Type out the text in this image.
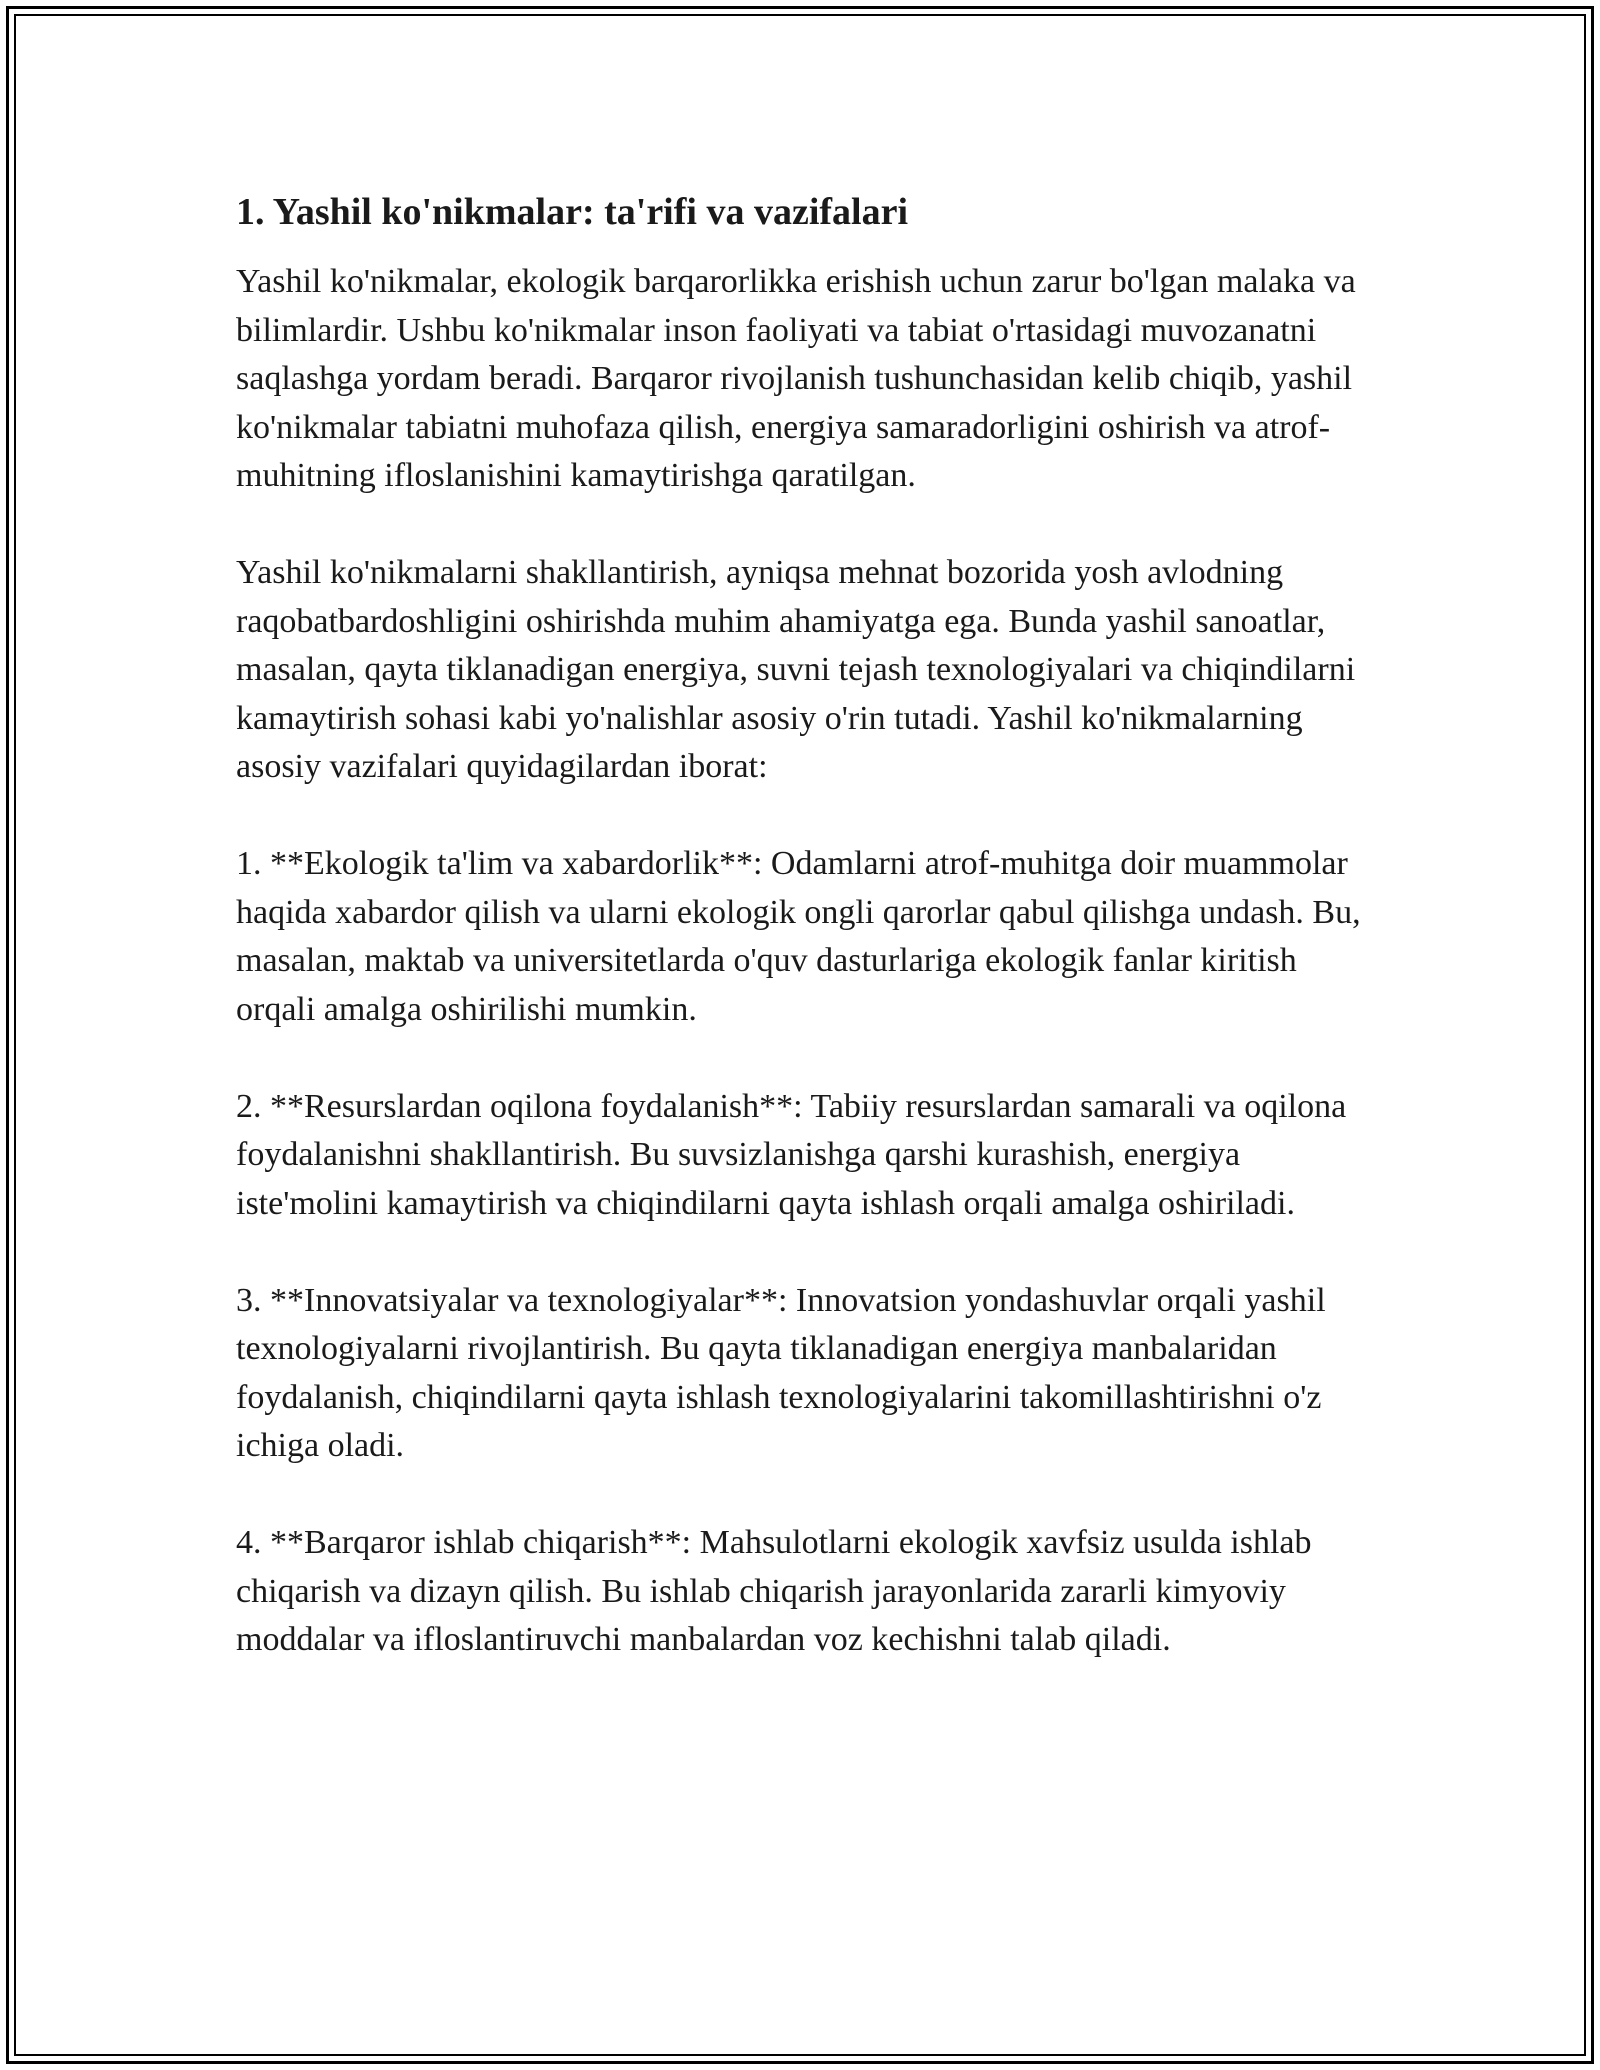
1. Yashil ko'nikmalar: ta'rifi va vazifalari

Yashil ko'nikmalar, ekologik barqarorlikka erishish uchun zarur bo'lgan malaka va bilimlardir. Ushbu ko'nikmalar inson faoliyati va tabiat o'rtasidagi muvozanatni saqlashga yordam beradi. Barqaror rivojlanish tushunchasidan kelib chiqib, yashil ko'nikmalar tabiatni muhofaza qilish, energiya samaradorligini oshirish va atrof-muhitning ifloslanishini kamaytirishga qaratilgan.

Yashil ko'nikmalarni shakllantirish, ayniqsa mehnat bozorida yosh avlodning raqobatbardoshligini oshirishda muhim ahamiyatga ega. Bunda yashil sanoatlar, masalan, qayta tiklanadigan energiya, suvni tejash texnologiyalari va chiqindilarni kamaytirish sohasi kabi yo'nalishlar asosiy o'rin tutadi. Yashil ko'nikmalarning asosiy vazifalari quyidagilardan iborat:

1. **Ekologik ta'lim va xabardorlik**: Odamlarni atrof-muhitga doir muammolar haqida xabardor qilish va ularni ekologik ongli qarorlar qabul qilishga undash. Bu, masalan, maktab va universitetlarda o'quv dasturlariga ekologik fanlar kiritish orqali amalga oshirilishi mumkin.

2. **Resurslardan oqilona foydalanish**: Tabiiy resurslardan samarali va oqilona foydalanishni shakllantirish. Bu suvsizlanishga qarshi kurashish, energiya iste'molini kamaytirish va chiqindilarni qayta ishlash orqali amalga oshiriladi.

3. **Innovatsiyalar va texnologiyalar**: Innovatsion yondashuvlar orqali yashil texnologiyalarni rivojlantirish. Bu qayta tiklanadigan energiya manbalaridan foydalanish, chiqindilarni qayta ishlash texnologiyalarini takomillashtirishni o'z ichiga oladi.

4. **Barqaror ishlab chiqarish**: Mahsulotlarni ekologik xavfsiz usulda ishlab chiqarish va dizayn qilish. Bu ishlab chiqarish jarayonlarida zararli kimyoviy moddalar va ifloslantiruvchi manbalardan voz kechishni talab qiladi.
